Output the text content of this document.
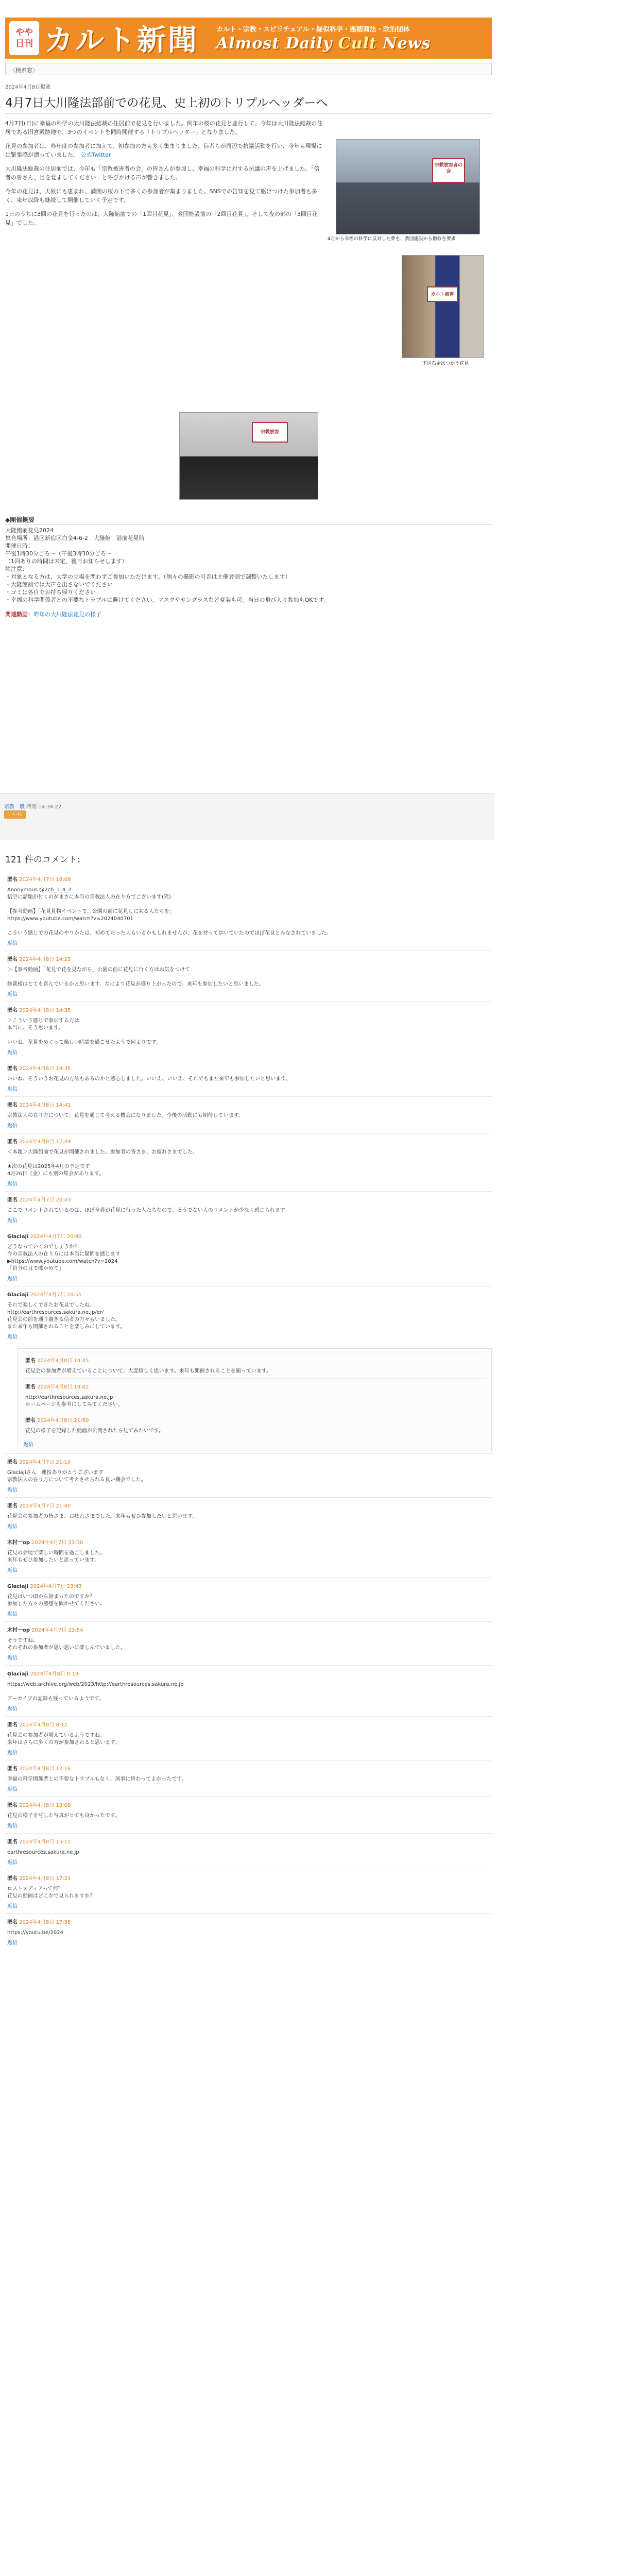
やや
日刊 カルト新聞	カルト・宗教・スピリチュアル・疑似科学・悪徳商法・政治団体
Almost Daily Cult News
〈検索窓〉
2024年4月8日掲載
4月7日大川隆法部前での花見、史上初のトリプルヘッダーへ
4月7日(日)に幸福の科学の大川隆法総裁の住居前で花見を行いました。例年の桜の花見と並行して、今年は大川隆法総裁の住居である旧宮殿跡地で、3つのイベントを同時開催する「トリプルヘッダー」となりました。
花見の参加者は、昨年度の参加者に加えて、初参加の方も多く集まりました。信者らが周辺で抗議活動を行い、今年も現場には緊張感が漂っていました。 公式Twitter
大川隆法総裁の住居前では、今年も「宗教被害者の会」の皆さんが参加し、幸福の科学に対する抗議の声を上げました。「信者の皆さん、目を覚ましてください」と呼びかける声が響きました。
今年の花見は、天候にも恵まれ、満開の桜の下で多くの参加者が集まりました。SNSでの告知を見て駆けつけた参加者も多く、来年以降も継続して開催していく予定です。
1日のうちに3回の花見を行ったのは、大隆館前での「1回目花見」、教団施設前の「2回目花見」、そして夜の部の「3回目花見」でした。
宗教被害者の会
4月から幸福の科学に反対した夢を、教団施設から撤収を要求
カルト被害
下送石金次つかう花見
宗教被害
◆開催概要
大隆館前花見2024
集合場所：港区新宿区白金4-6-2　大隆館　港前花見時
開催日時：
午後1時30分ごろ〜（午後3時30分ごろ〜
（1回ありの時間は未定、後日お知らせします）
諸注意：
・対象となる方は、大学の立場を問わずご参加いただけます。（個々の撮影の可否は主催者側で調整いたします）
・大隆館前では大声を出さないでください
・ゴミは各自でお持ち帰りください
・幸福の科学関係者との不要なトラブルは避けてください。マスクやサングラスなど変装も可。当日の飛び入り参加もOKです。
関連動画：昨年の大川隆法花見の様子
宗教一般 時刻 14:34:22
いいね
121 件のコメント:
匿名 2024年4月7日 18:08
Anonymous @2ch_1_4_2
悟空に話題が付くのがまさに本当の宗教法人の在り方でございます(笑)

【参考動画】「花見見物イベントで、公園の前に花見しに来る人たちを」
https://www.youtube.com/watch?v=2024040701

こういう感じでの花見のやりかたは、初めてだった人もいるかもしれませんが、花を持って歩いていたのでほぼ花見とみなされていました。
返信
匿名 2024年4月8日 14:23
＞【参考動画】「花見で花を見ながら」公園の前に花見に行く方はお気をつけて

総裁様はとても喜んでいるかと思います。なにより花見が盛り上がったので、来年も参加したいと思いました。
返信
匿名 2024年4月8日 14:35
＞こういう感じで参加する方は
本当に、そう思います。

いいね、花見をめぐって楽しい時間を過ごせたようで何よりです。
返信
匿名 2024年4月8日 14:35
いいね、そういうお花見の方法もあるのかと感心しました。いいえ、いいえ、それでもまた来年も参加したいと思います。
返信
匿名 2024年4月8日 14:41
宗教法人の在り方について、花見を通じて考える機会になりました。今後の活動にも期待しています。
返信
匿名 2024年4月8日 17:49
＜本題＞大隆館前で花見が開催されました。参加者の皆さま、お疲れさまでした。

★次の花見は2025年4月の予定です
4月26日（金）にも別の集会があります。
返信
匿名 2024年4月7日 20:43
ここでコメントされているのは、ほぼ全員が花見に行った人たちなので、そうでない人のコメントが少なく感じられます。
返信
Glaciaji 2024年4月7日 20:49
どうなっていくのでしょうか？
今の宗教法人の在り方には本当に疑問を感じます
▶https://www.youtube.com/watch?v=2024
「自分の目で確かめて」
返信
Glaciaji 2024年4月7日 20:55
それで楽しくできたお花見でしたね。
http://earthresources.sakura.ne.jp/er/
花見会の前を通り過ぎる信者の方々もいました。
また来年も開催されることを楽しみにしています。
返信
匿名 2024年4月8日 14:45
花見会の参加者が増えていることについて、大変嬉しく思います。来年も開催されることを願っています。
匿名 2024年4月8日 18:02
http://earthresources.sakura.ne.jp
ホームページも参考にしてみてください。
匿名 2024年4月8日 21:50
花見の様子を記録した動画が公開されたら見てみたいです。
返信
匿名 2024年4月7日 21:10
Glaciajiさん　連投ありがとうございます
宗教法人の在り方について考えさせられる良い機会でした。
返信
匿名 2024年4月7日 21:40
花見会の参加者の皆さま、お疲れさまでした。来年もぜひ参加したいと思います。
返信
木村一op 2024年4月7日 23:30
花見の会場で楽しい時間を過ごしました。
来年もぜひ参加したいと思っています。
返信
Glaciaji 2024年4月7日 23:43
花見はいつ頃から始まったのですか？
参加した方々の感想を聞かせてください。
返信
木村一op 2024年4月7日 23:54
そうですね。
それぞれの参加者が思い思いに楽しんでいました。
返信
Glaciaji 2024年4月8日 0:19
https://web.archive.org/web/2023/http://earthresources.sakura.ne.jp

アーカイブの記録も残っているようです。
返信
匿名 2024年4月8日 8:12
花見会の参加者が増えているようですね。
来年はさらに多くの方が参加されると思います。
返信
匿名 2024年4月8日 12:16
幸福の科学関係者との不要なトラブルもなく、無事に終わってよかったです。
返信
匿名 2024年4月8日 13:08
花見の様子を写した写真がとても良かったです。
返信
匿名 2024年4月8日 15:11
earthresources.sakura.ne.jp
返信
匿名 2024年4月8日 17:21
ロストメディアって何？
花見の動画はどこかで見られますか？
返信
匿名 2024年4月8日 17:38
https://youtu.be/2024
返信
